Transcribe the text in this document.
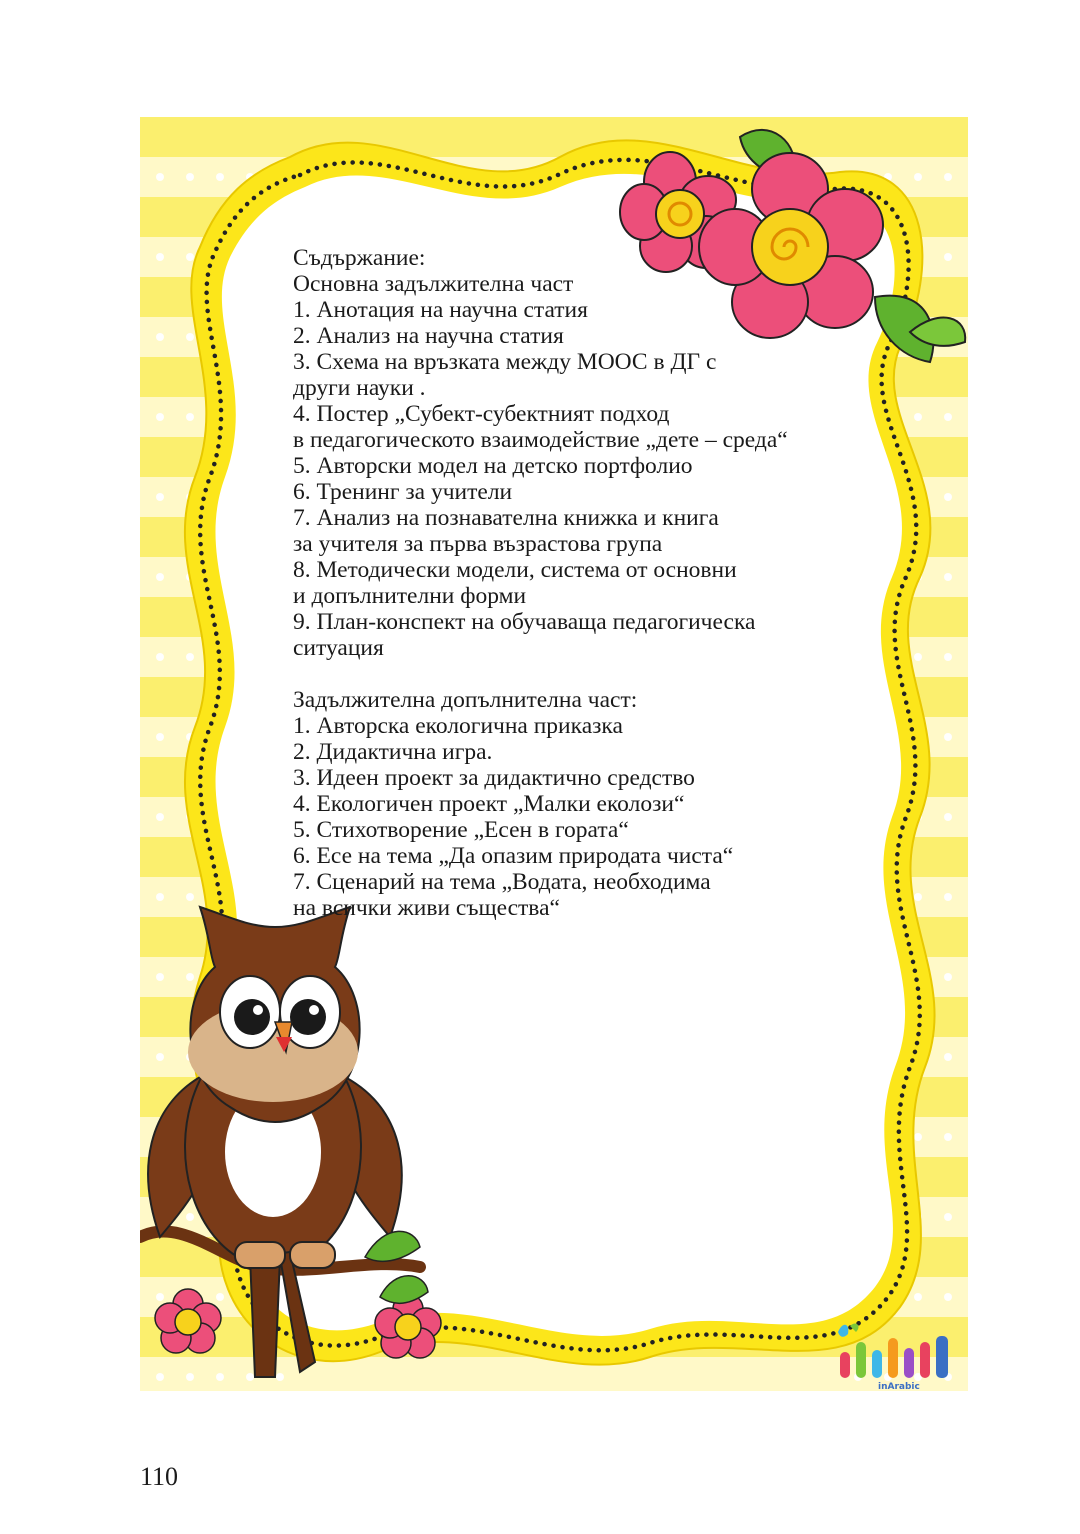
inArabic
Съдържание:
Основна задължителна част
1. Анотация на научна статия
2. Анализ на научна статия
3. Схема на връзката между МООС в ДГ с
други науки .
4. Постер „Субект-субектният подход
в педагогическото взаимодействие „дете – среда“
5. Авторски модел на детско портфолио
6. Тренинг за учители
7. Анализ на познавателна книжка и книга
за учителя за първа възрастова група
8. Методически модели, система от основни
и допълнителни форми
9. План-конспект на обучаваща педагогическа
ситуация
Задължителна допълнителна част:
1. Авторска екологична приказка
2. Дидактична игра.
3. Идеен проект за дидактично средство
4. Екологичен проект „Малки еколози“
5. Стихотворение „Есен в гората“
6. Есе на тема „Да опазим природата чиста“
7. Сценарий на тема „Водата, необходима
на всички живи същества“
110
